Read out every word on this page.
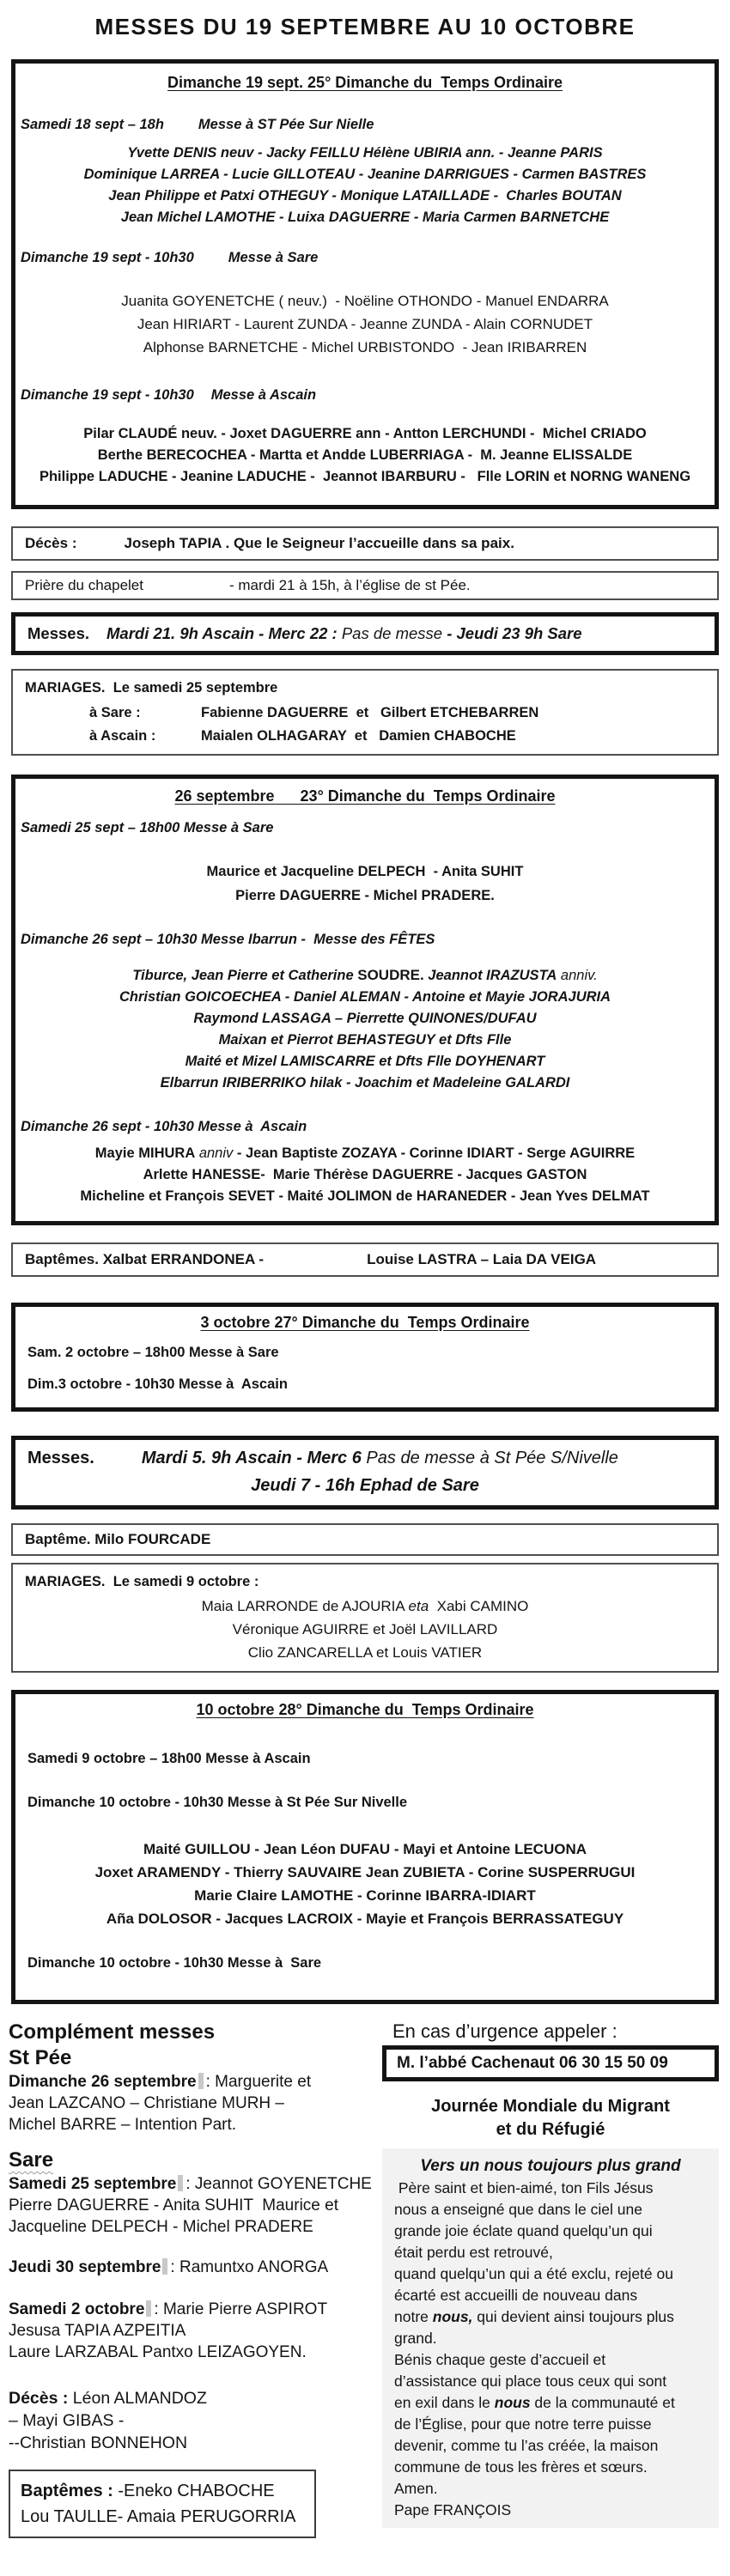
MESSES DU 19 SEPTEMBRE AU 10 OCTOBRE
Dimanche 19 sept. 25° Dimanche du  Temps Ordinaire
Samedi 18 sept – 18h Messe à ST Pée Sur Nielle
Yvette DENIS neuv - Jacky FEILLU Hélène UBIRIA ann. - Jeanne PARIS
Dominique LARREA - Lucie GILLOTEAU - Jeanine DARRIGUES - Carmen BASTRES
Jean Philippe et Patxi OTHEGUY - Monique LATAILLADE -  Charles BOUTAN
Jean Michel LAMOTHE - Luixa DAGUERRE - Maria Carmen BARNETCHE
Dimanche 19 sept - 10h30 Messe à Sare
Juanita GOYENETCHE ( neuv.)  - Noëline OTHONDO - Manuel ENDARRA
Jean HIRIART - Laurent ZUNDA - Jeanne ZUNDA - Alain CORNUDET
Alphonse BARNETCHE - Michel URBISTONDO  - Jean IRIBARREN
Dimanche 19 sept - 10h30 Messe à Ascain
Pilar CLAUDÉ neuv. - Joxet DAGUERRE ann - Antton LERCHUNDI -  Michel CRIADO
Berthe BERECOCHEA - Martta et Andde LUBERRIAGA -  M. Jeanne ELISSALDE
Philippe LADUCHE - Jeanine LADUCHE -  Jeannot IBARBURU -   Flle LORIN et NORNG WANENG
Décès :	Joseph TAPIA . Que le Seigneur l’accueille dans sa paix.
Prière du chapelet	- mardi 21 à 15h, à l’église de st Pée.
Messes. Mardi 21. 9h Ascain - Merc 22 : Pas de messe - Jeudi 23 9h Sare
MARIAGES. Le samedi 25 septembre
à Sare :	Fabienne DAGUERRE  et   Gilbert ETCHEBARREN
à Ascain :	Maialen OLHAGARAY  et   Damien CHABOCHE
26 septembre      23° Dimanche du  Temps Ordinaire
Samedi 25 sept – 18h00 Messe à Sare
Maurice et Jacqueline DELPECH  - Anita SUHIT
Pierre DAGUERRE - Michel PRADERE.
Dimanche 26 sept – 10h30 Messe Ibarrun -  Messe des FÊTES
Tiburce, Jean Pierre et Catherine SOUDRE. Jeannot IRAZUSTA anniv.
Christian GOICOECHEA - Daniel ALEMAN - Antoine et Mayie JORAJURIA
Raymond LASSAGA – Pierrette QUINONES/DUFAU
Maixan et Pierrot BEHASTEGUY et Dfts Flle
Maité et Mizel LAMISCARRE et Dfts Flle DOYHENART
Elbarrun IRIBERRIKO hilak - Joachim et Madeleine GALARDI
Dimanche 26 sept - 10h30 Messe à  Ascain
Mayie MIHURA anniv - Jean Baptiste ZOZAYA - Corinne IDIART - Serge AGUIRRE
Arlette HANESSE-  Marie Thérèse DAGUERRE - Jacques GASTON
Micheline et François SEVET - Maité JOLIMON de HARANEDER - Jean Yves DELMAT
Baptêmes. Xalbat ERRANDONEA -	Louise LASTRA – Laia DA VEIGA
3 octobre 27° Dimanche du  Temps Ordinaire
Sam. 2 octobre – 18h00 Messe à Sare
Dim.3 octobre - 10h30 Messe à  Ascain
Messes.	Mardi 5. 9h Ascain - Merc 6 Pas de messe à St Pée S/Nivelle
Jeudi 7 - 16h Ephad de Sare
Baptême. Milo FOURCADE
MARIAGES. Le samedi 9 octobre :
Maia LARRONDE de AJOURIA eta Xabi CAMINO
Véronique AGUIRRE et Joël LAVILLARD
Clio ZANCARELLA et Louis VATIER
10 octobre 28° Dimanche du  Temps Ordinaire
Samedi 9 octobre – 18h00 Messe à Ascain
Dimanche 10 octobre - 10h30 Messe à St Pée Sur Nivelle
Maité GUILLOU - Jean Léon DUFAU - Mayi et Antoine LECUONA
Joxet ARAMENDY - Thierry SAUVAIRE Jean ZUBIETA - Corine SUSPERRUGUI
Marie Claire LAMOTHE - Corinne IBARRA-IDIART
Aña DOLOSOR - Jacques LACROIX - Mayie et François BERRASSATEGUY
Dimanche 10 octobre - 10h30 Messe à  Sare
Complément messes
St Pée
Dimanche 26 septembre : Marguerite et
Jean LAZCANO – Christiane MURH –
Michel BARRE – Intention Part.
Sare
Samedi 25 septembre : Jeannot GOYENETCHE
Pierre DAGUERRE - Anita SUHIT  Maurice et
Jacqueline DELPECH - Michel PRADERE
Jeudi 30 septembre : Ramuntxo ANORGA
Samedi 2 octobre : Marie Pierre ASPIROT
Jesusa TAPIA AZPEITIA
Laure LARZABAL Pantxo LEIZAGOYEN.
Décès : Léon ALMANDOZ
– Mayi GIBAS -
--Christian BONNEHON
Baptêmes : -Eneko CHABOCHE
Lou TAULLE- Amaia PERUGORRIA
En cas d’urgence appeler :
M. l’abbé Cachenaut 06 30 15 50 09
Journée Mondiale du Migrant
et du Réfugié
Vers un nous toujours plus grand
Père saint et bien-aimé, ton Fils Jésus
nous a enseigné que dans le ciel une
grande joie éclate quand quelqu’un qui
était perdu est retrouvé,
quand quelqu’un qui a été exclu, rejeté ou
écarté est accueilli de nouveau dans
notre nous, qui devient ainsi toujours plus
grand.
Bénis chaque geste d’accueil et
d’assistance qui place tous ceux qui sont
en exil dans le nous de la communauté et
de l’Église, pour que notre terre puisse
devenir, comme tu l’as créée, la maison
commune de tous les frères et sœurs.
Amen.
Pape FRANÇOIS
